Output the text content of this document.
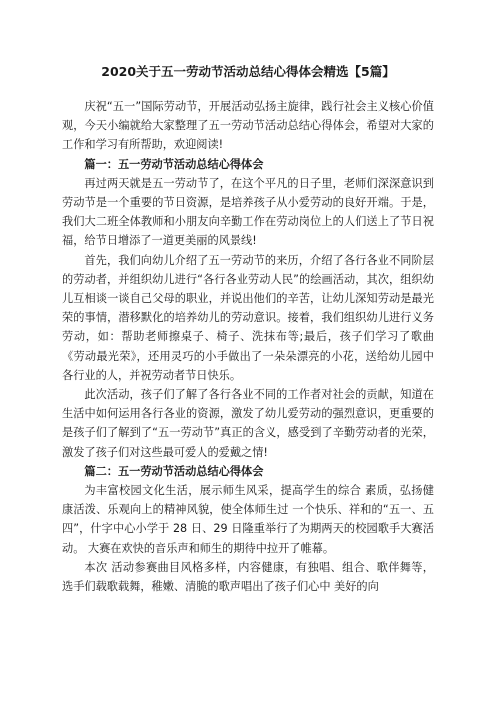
2020关于五一劳动节活动总结心得体会精选【5篇】

庆祝“五一”国际劳动节，开展活动弘扬主旋律，践行社会主义核心价值观，今天小编就给大家整理了五一劳动节活动总结心得体会，希望对大家的工作和学习有所帮助，欢迎阅读!

篇一：五一劳动节活动总结心得体会

再过两天就是五一劳动节了，在这个平凡的日子里，老师们深深意识到劳动节是一个重要的节日资源，是培养孩子从小爱劳动的良好开端。于是，我们大二班全体教师和小朋友向辛勤工作在劳动岗位上的人们送上了节日祝福，给节日增添了一道更美丽的风景线!

首先，我们向幼儿介绍了五一劳动节的来历，介绍了各行各业不同阶层的劳动者，并组织幼儿进行“各行各业劳动人民”的绘画活动，其次，组织幼儿互相谈一谈自己父母的职业，并说出他们的辛苦，让幼儿深知劳动是最光荣的事情，潜移默化的培养幼儿的劳动意识。接着，我们组织幼儿进行义务劳动，如：帮助老师擦桌子、椅子、洗抹布等;最后，孩子们学习了歌曲《劳动最光荣》，还用灵巧的小手做出了一朵朵漂亮的小花，送给幼儿园中各行业的人，并祝劳动者节日快乐。

此次活动，孩子们了解了各行各业不同的工作者对社会的贡献，知道在生活中如何运用各行各业的资源，激发了幼儿爱劳动的强烈意识，更重要的是孩子们了解到了“五一劳动节”真正的含义，感受到了辛勤劳动者的光荣，激发了孩子们对这些最可爱人的爱戴之情!

篇二：五一劳动节活动总结心得体会

为丰富校园文化生活，展示师生风采，提高学生的综合 素质，弘扬健康活泼、乐观向上的精神风貌，使全体师生过 一个快乐、祥和的“五一、五四”，什字中心小学于 28 日、29 日隆重举行了为期两天的校园歌手大赛活动。 大赛在欢快的音乐声和师生的期待中拉开了帷幕。

本次 活动参赛曲目风格多样，内容健康，有独唱、组合、歌伴舞等，选手们载歌载舞，稚嫩、清脆的歌声唱出了孩子们心中 美好的向
